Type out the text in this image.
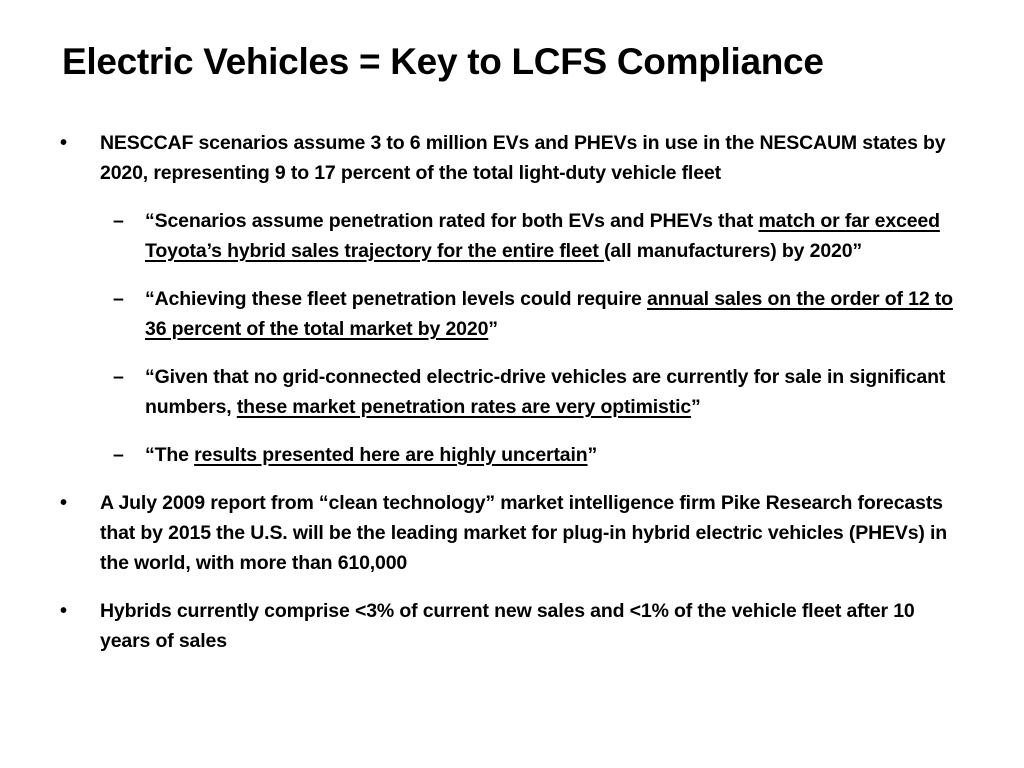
Electric Vehicles = Key to LCFS Compliance
• NESCCAF scenarios assume 3 to 6 million EVs and PHEVs in use in the NESCAUM states by 2020, representing 9 to 17 percent of the total light-duty vehicle fleet
– “Scenarios assume penetration rated for both EVs and PHEVs that match or far exceed Toyota’s hybrid sales trajectory for the entire fleet (all manufacturers) by 2020”
– “Achieving these fleet penetration levels could require annual sales on the order of 12 to 36 percent of the total market by 2020”
– “Given that no grid-connected electric-drive vehicles are currently for sale in significant numbers, these market penetration rates are very optimistic”
– “The results presented here are highly uncertain”
• A July 2009 report from “clean technology” market intelligence firm Pike Research forecasts that by 2015 the U.S. will be the leading market for plug-in hybrid electric vehicles (PHEVs) in the world, with more than 610,000
• Hybrids currently comprise <3% of current new sales and <1% of the vehicle fleet after 10 years of sales
